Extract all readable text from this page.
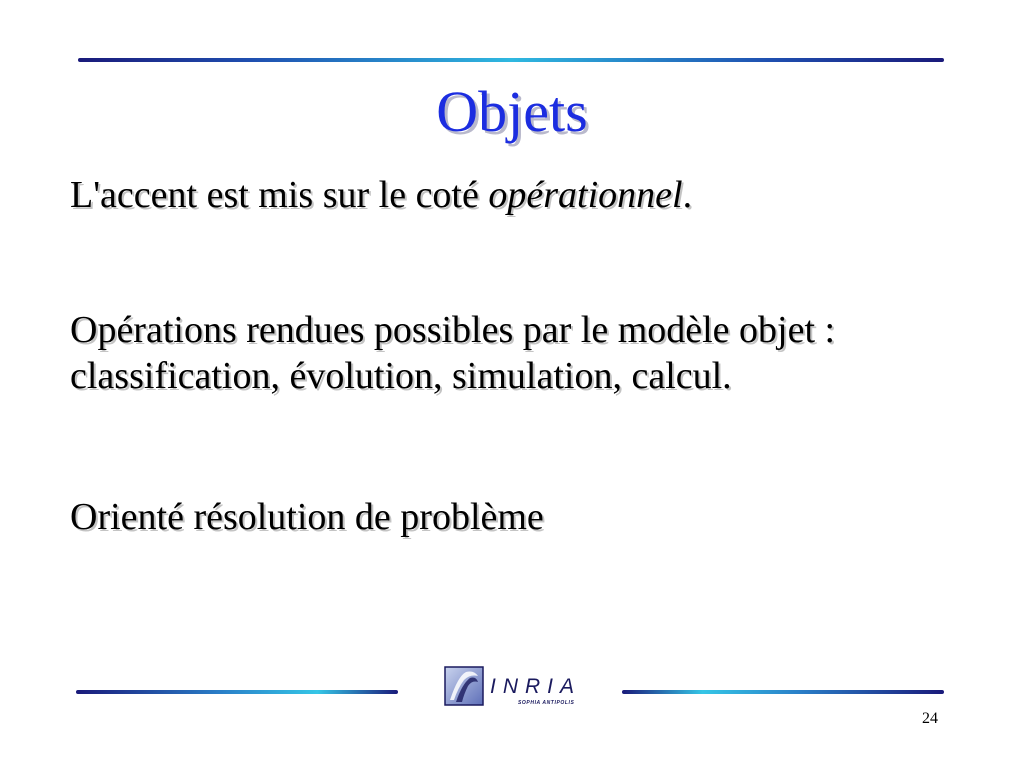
Objets

L'accent est mis sur le coté opérationnel.

Opérations rendues possibles par le modèle objet : classification, évolution, simulation, calcul.

Orienté résolution de problème

INRIA
SOPHIA ANTIPOLIS
24
